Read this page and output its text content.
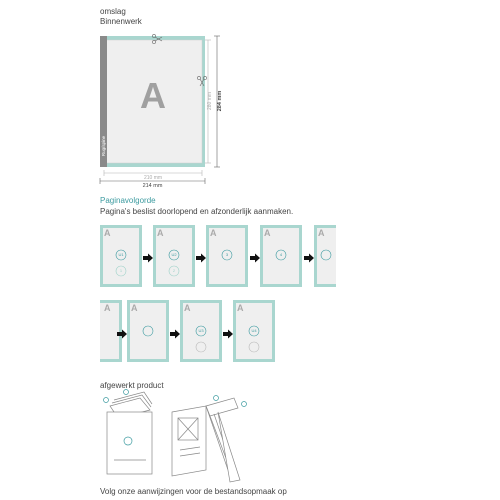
omslag
Binnenwerk
A
(N.B.)
Rug/spine
280 mm 284 mm
210 mm
214 mm
Paginavolgorde
Pagina's beslist doorlopend en afzonderlijk aanmaken.
A	A	A	A	A
U1
1
U2
2
3	4
A A	A	A
U3	U4
afgewerkt product
Volg onze aanwijzingen voor de bestandsopmaak op
